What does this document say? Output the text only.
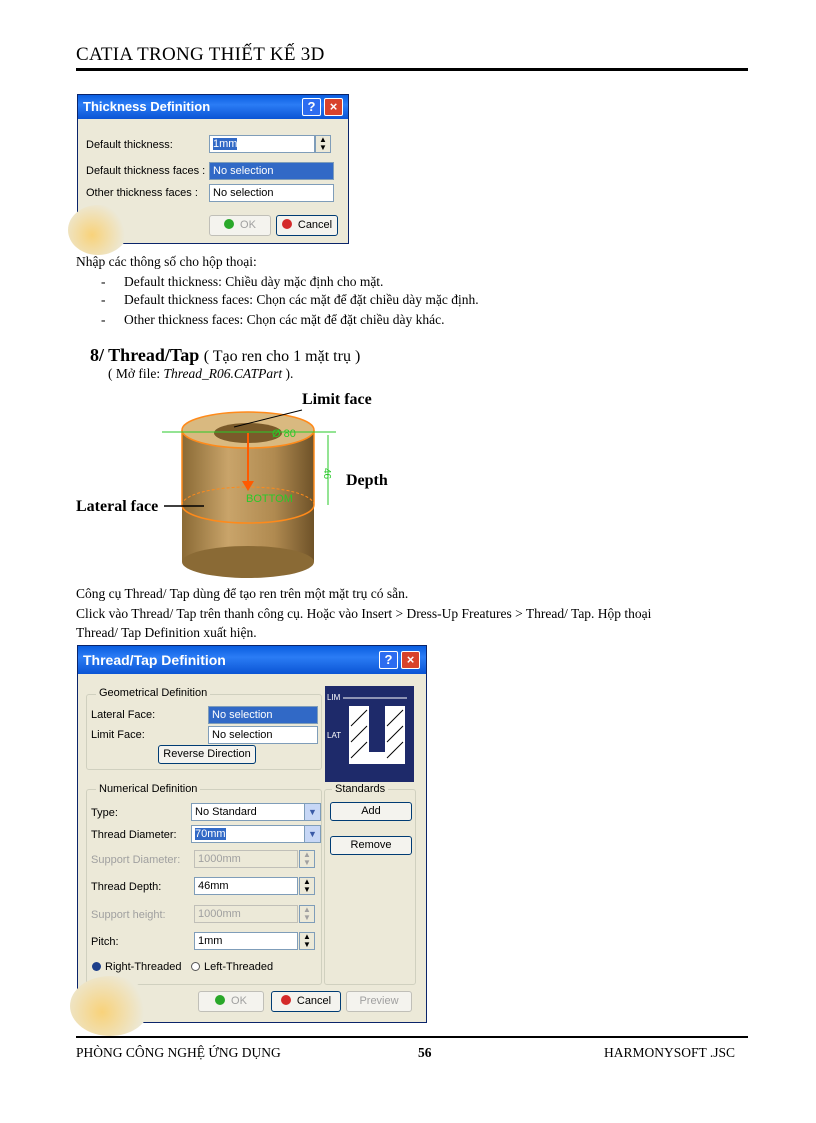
CATIA TRONG THIẾT KẾ 3D
Thickness Definition	?	×
Default thickness:	1mm	▲
▼
Default thickness faces : No selection
Other thickness faces :	No selection
OK	Cancel
Nhập các thông số cho hộp thoại:
- Default thickness: Chiều dày mặc định cho mặt.
- Default thickness faces: Chọn các mặt để đặt chiều dày mặc định.
- Other thickness faces: Chọn các mặt để đặt chiều dày khác.
8/ Thread/Tap ( Tạo ren cho 1 mặt trụ )
( Mở file: Thread_R06.CATPart ).
Ø 80
46
BOTTOM
Limit face
Depth
Lateral face
Công cụ Thread/ Tap dùng để tạo ren trên một mặt trụ có sẵn.
Click vào Thread/ Tap trên thanh công cụ. Hoặc vào Insert > Dress-Up Freatures > Thread/ Tap. Hộp thoại
Thread/ Tap Definition xuất hiện.
Thread/Tap Definition	?	×
Geometrical Definition
Lateral Face:	No selection
Limit Face:	No selection
Reverse Direction
LIM
LAT
Numerical Definition
Type:	No Standard	▼
Thread Diameter:	70mm	▼
Support Diameter:	1000mm	▲
▼
Thread Depth:	46mm	▲
▼
Support height:	1000mm	▲
▼
Pitch:	1mm	▲
▼
Right-Threaded	Left-Threaded
Standards
Add
Remove
OK	Cancel	Preview
PHÒNG CÔNG NGHỆ ỨNG DỤNG	56	HARMONYSOFT .JSC
